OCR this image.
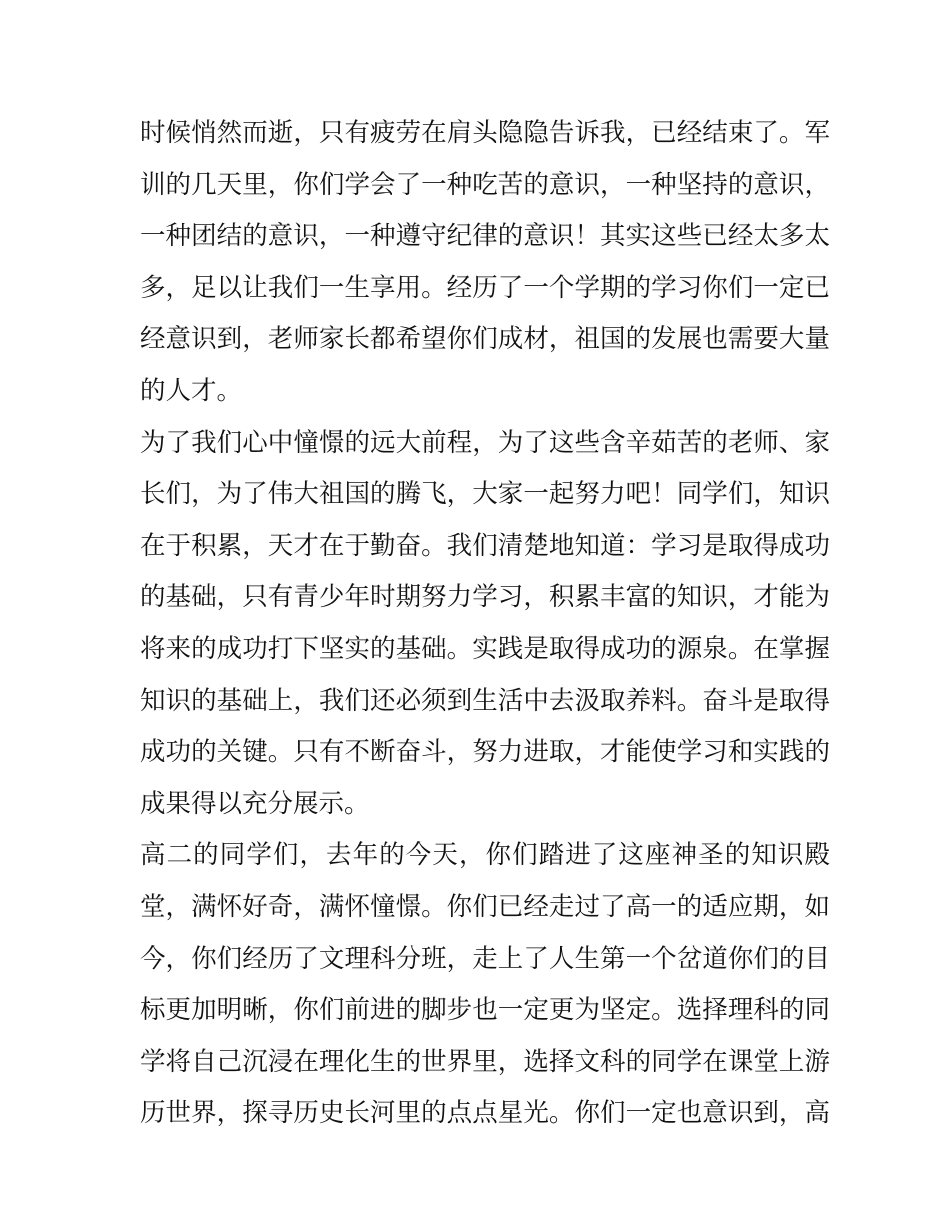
时候悄然而逝，只有疲劳在肩头隐隐告诉我，已经结束了。军
训的几天里，你们学会了一种吃苦的意识，一种坚持的意识，
一种团结的意识，一种遵守纪律的意识！其实这些已经太多太
多，足以让我们一生享用。经历了一个学期的学习你们一定已
经意识到，老师家长都希望你们成材，祖国的发展也需要大量
的人才。
为了我们心中憧憬的远大前程，为了这些含辛茹苦的老师、家
长们，为了伟大祖国的腾飞，大家一起努力吧！同学们，知识
在于积累，天才在于勤奋。我们清楚地知道：学习是取得成功
的基础，只有青少年时期努力学习，积累丰富的知识，才能为
将来的成功打下坚实的基础。实践是取得成功的源泉。在掌握
知识的基础上，我们还必须到生活中去汲取养料。奋斗是取得
成功的关键。只有不断奋斗，努力进取，才能使学习和实践的
成果得以充分展示。
高二的同学们，去年的今天，你们踏进了这座神圣的知识殿
堂，满怀好奇，满怀憧憬。你们已经走过了高一的适应期，如
今，你们经历了文理科分班，走上了人生第一个岔道你们的目
标更加明晰，你们前进的脚步也一定更为坚定。选择理科的同
学将自己沉浸在理化生的世界里，选择文科的同学在课堂上游
历世界，探寻历史长河里的点点星光。你们一定也意识到，高
